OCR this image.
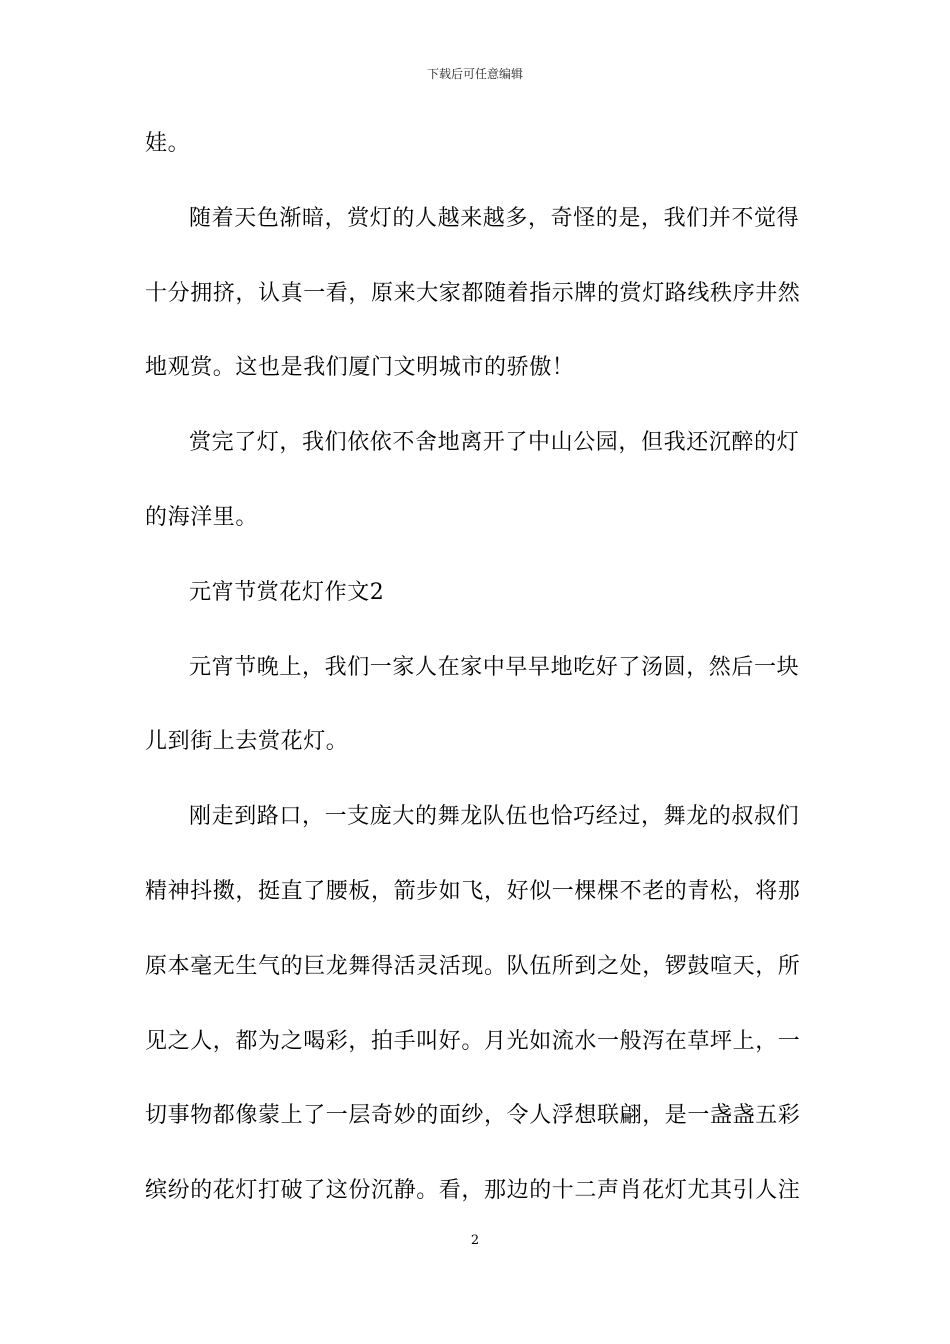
下载后可任意编辑
娃。
随着天色渐暗，赏灯的人越来越多，奇怪的是，我们并不觉得
十分拥挤，认真一看，原来大家都随着指示牌的赏灯路线秩序井然
地观赏。这也是我们厦门文明城市的骄傲！
赏完了灯，我们依依不舍地离开了中山公园，但我还沉醉的灯
的海洋里。
元宵节赏花灯作文2
元宵节晚上，我们一家人在家中早早地吃好了汤圆，然后一块
儿到街上去赏花灯。
刚走到路口，一支庞大的舞龙队伍也恰巧经过，舞龙的叔叔们
精神抖擞，挺直了腰板，箭步如飞，好似一棵棵不老的青松，将那
原本毫无生气的巨龙舞得活灵活现。队伍所到之处，锣鼓喧天，所
见之人，都为之喝彩，拍手叫好。月光如流水一般泻在草坪上，一
切事物都像蒙上了一层奇妙的面纱，令人浮想联翩，是一盏盏五彩
缤纷的花灯打破了这份沉静。看，那边的十二声肖花灯尤其引人注
2
